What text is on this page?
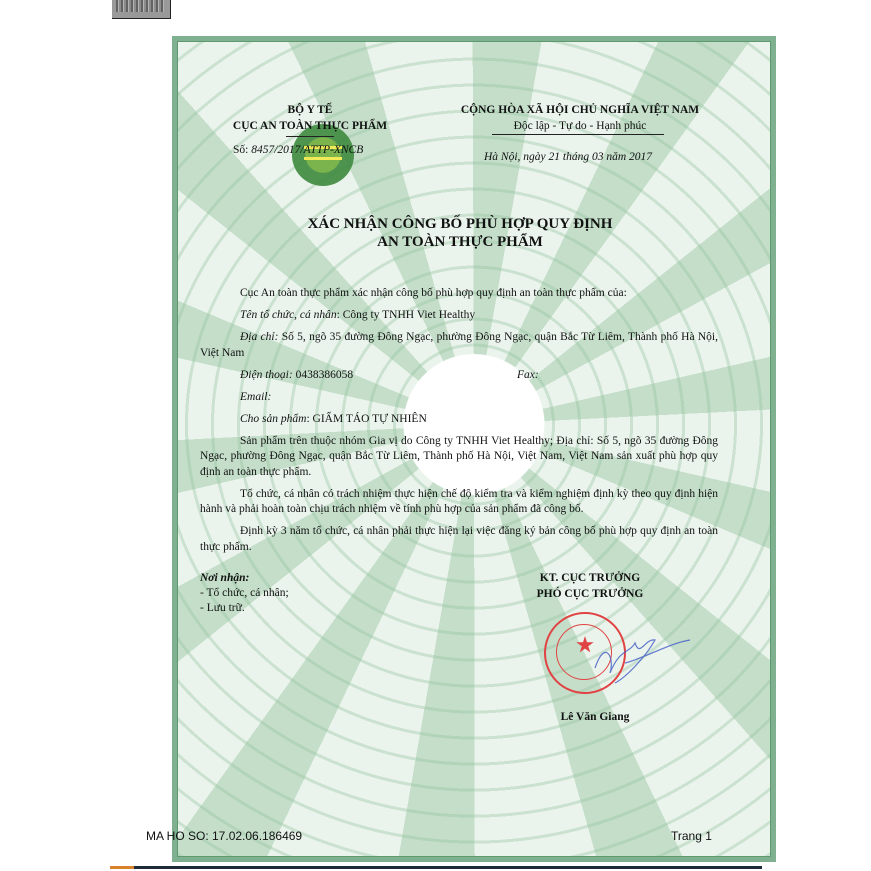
BỘ Y TẾ
CỤC AN TOÀN THỰC PHẨM
Số: 8457/2017/ATTP-XNCB
CỘNG HÒA XÃ HỘI CHỦ NGHĨA VIỆT NAM
Độc lập - Tự do - Hạnh phúc
Hà Nội, ngày 21 tháng 03 năm 2017
XÁC NHẬN CÔNG BỐ PHÙ HỢP QUY ĐỊNH
AN TOÀN THỰC PHẨM
Cục An toàn thực phẩm xác nhận công bố phù hợp quy định an toàn thực phẩm của:
Tên tổ chức, cá nhân: Công ty TNHH Viet Healthy
Địa chỉ: Số 5, ngõ 35 đường Đông Ngạc, phường Đông Ngạc, quận Bắc Từ Liêm, Thành phố Hà Nội, Việt Nam
Điện thoại: 0438386058	Fax:
Email:
Cho sản phẩm: GIẤM TÁO TỰ NHIÊN
Sản phẩm trên thuộc nhóm Gia vị do Công ty TNHH Viet Healthy; Địa chỉ: Số 5, ngõ 35 đường Đông Ngạc, phường Đông Ngạc, quận Bắc Từ Liêm, Thành phố Hà Nội, Việt Nam, Việt Nam sản xuất phù hợp quy định an toàn thực phẩm.
Tổ chức, cá nhân có trách nhiệm thực hiện chế độ kiểm tra và kiểm nghiệm định kỳ theo quy định hiện hành và phải hoàn toàn chịu trách nhiệm về tính phù hợp của sản phẩm đã công bố.
Định kỳ 3 năm tổ chức, cá nhân phải thực hiện lại việc đăng ký bản công bố phù hợp quy định an toàn thực phẩm.
Nơi nhận:
- Tổ chức, cá nhân;
- Lưu trữ.
KT. CỤC TRƯỞNG
PHÓ CỤC TRƯỞNG
Lê Văn Giang
MA HO SO: 17.02.06.186469	Trang 1
